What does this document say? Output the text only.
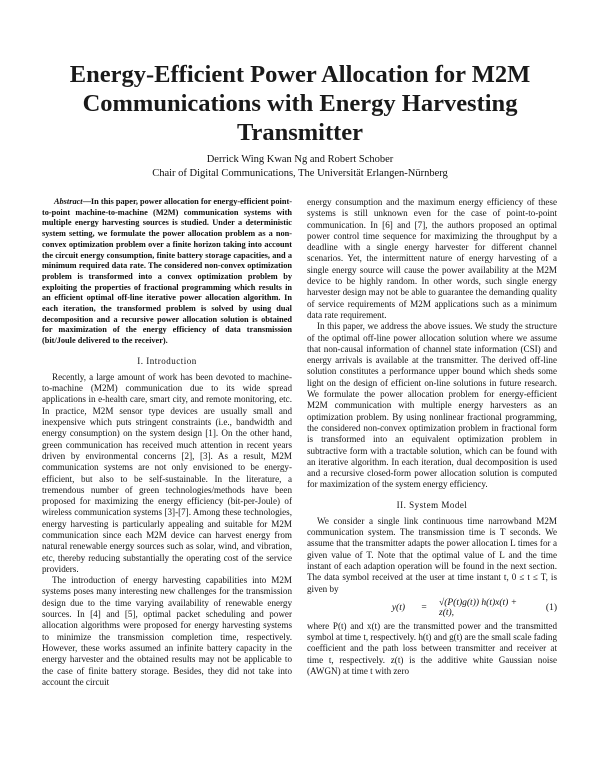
Energy-Efficient Power Allocation for M2M
Communications with Energy Harvesting
Transmitter
Derrick Wing Kwan Ng and Robert Schober
Chair of Digital Communications, The Universität Erlangen-Nürnberg

Abstract—In this paper, power allocation for energy-efficient point-to-point machine-to-machine (M2M) communication systems with multiple energy harvesting sources is studied. Under a deterministic system setting, we formulate the power allocation problem as a non-convex optimization problem over a finite horizon taking into account the circuit energy consumption, finite battery storage capacities, and a minimum required data rate. The considered non-convex optimization problem is transformed into a convex optimization problem by exploiting the properties of fractional programming which results in an efficient optimal off-line iterative power allocation algorithm. In each iteration, the transformed problem is solved by using dual decomposition and a recursive power allocation solution is obtained for maximization of the energy efficiency of data transmission (bit/Joule delivered to the receiver).

I. Introduction

Recently, a large amount of work has been devoted to machine-to-machine (M2M) communication due to its wide spread applications in e-health care, smart city, and remote monitoring, etc. In practice, M2M sensor type devices are usually small and inexpensive which puts stringent constraints (i.e., bandwidth and energy consumption) on the system design [1]. On the other hand, green communication has received much attention in recent years driven by environmental concerns [2], [3]. As a result, M2M communication systems are not only envisioned to be energy-efficient, but also to be self-sustainable. In the literature, a tremendous number of green technologies/methods have been proposed for maximizing the energy efficiency (bit-per-Joule) of wireless communication systems [3]-[7]. Among these technologies, energy harvesting is particularly appealing and suitable for M2M communication since each M2M device can harvest energy from natural renewable energy sources such as solar, wind, and vibration, etc, thereby reducing substantially the operating cost of the service providers.

The introduction of energy harvesting capabilities into M2M systems poses many interesting new challenges for the transmission design due to the time varying availability of renewable energy sources. In [4] and [5], optimal packet scheduling and power allocation algorithms were proposed for energy harvesting systems to minimize the transmission completion time, respectively. However, these works assumed an infinite battery capacity in the energy harvester and the obtained results may not be applicable to the case of finite battery storage. Besides, they did not take into account the circuit

energy consumption and the maximum energy efficiency of these systems is still unknown even for the case of point-to-point communication. In [6] and [7], the authors proposed an optimal power control time sequence for maximizing the throughput by a deadline with a single energy harvester for different channel scenarios. Yet, the intermittent nature of energy harvesting of a single energy source will cause the power availability at the M2M device to be highly random. In other words, such single energy harvester design may not be able to guarantee the demanding quality of service requirements of M2M applications such as a minimum data rate requirement.

In this paper, we address the above issues. We study the structure of the optimal off-line power allocation solution where we assume that non-causal information of channel state information (CSI) and energy arrivals is available at the transmitter. The derived off-line solution constitutes a performance upper bound which sheds some light on the design of efficient on-line solutions in future research. We formulate the power allocation problem for energy-efficient M2M communication with multiple energy harvesters as an optimization problem. By using nonlinear fractional programming, the considered non-convex optimization problem in fractional form is transformed into an equivalent optimization problem in subtractive form with a tractable solution, which can be found with an iterative algorithm. In each iteration, dual decomposition is used and a recursive closed-form power allocation solution is computed for maximization of the system energy efficiency.

II. System Model

We consider a single link continuous time narrowband M2M communication system. The transmission time is T seconds. We assume that the transmitter adapts the power allocation L times for a given value of T. Note that the optimal value of L and the time instant of each adaption operation will be found in the next section. The data symbol received at the user at time instant t, 0 ≤ t ≤ T, is given by

y(t)	=	√(P(t)g(t)) h(t)x(t) + z(t),	(1)

where P(t) and x(t) are the transmitted power and the transmitted symbol at time t, respectively. h(t) and g(t) are the small scale fading coefficient and the path loss between transmitter and receiver at time t, respectively. z(t) is the additive white Gaussian noise (AWGN) at time t with zero
